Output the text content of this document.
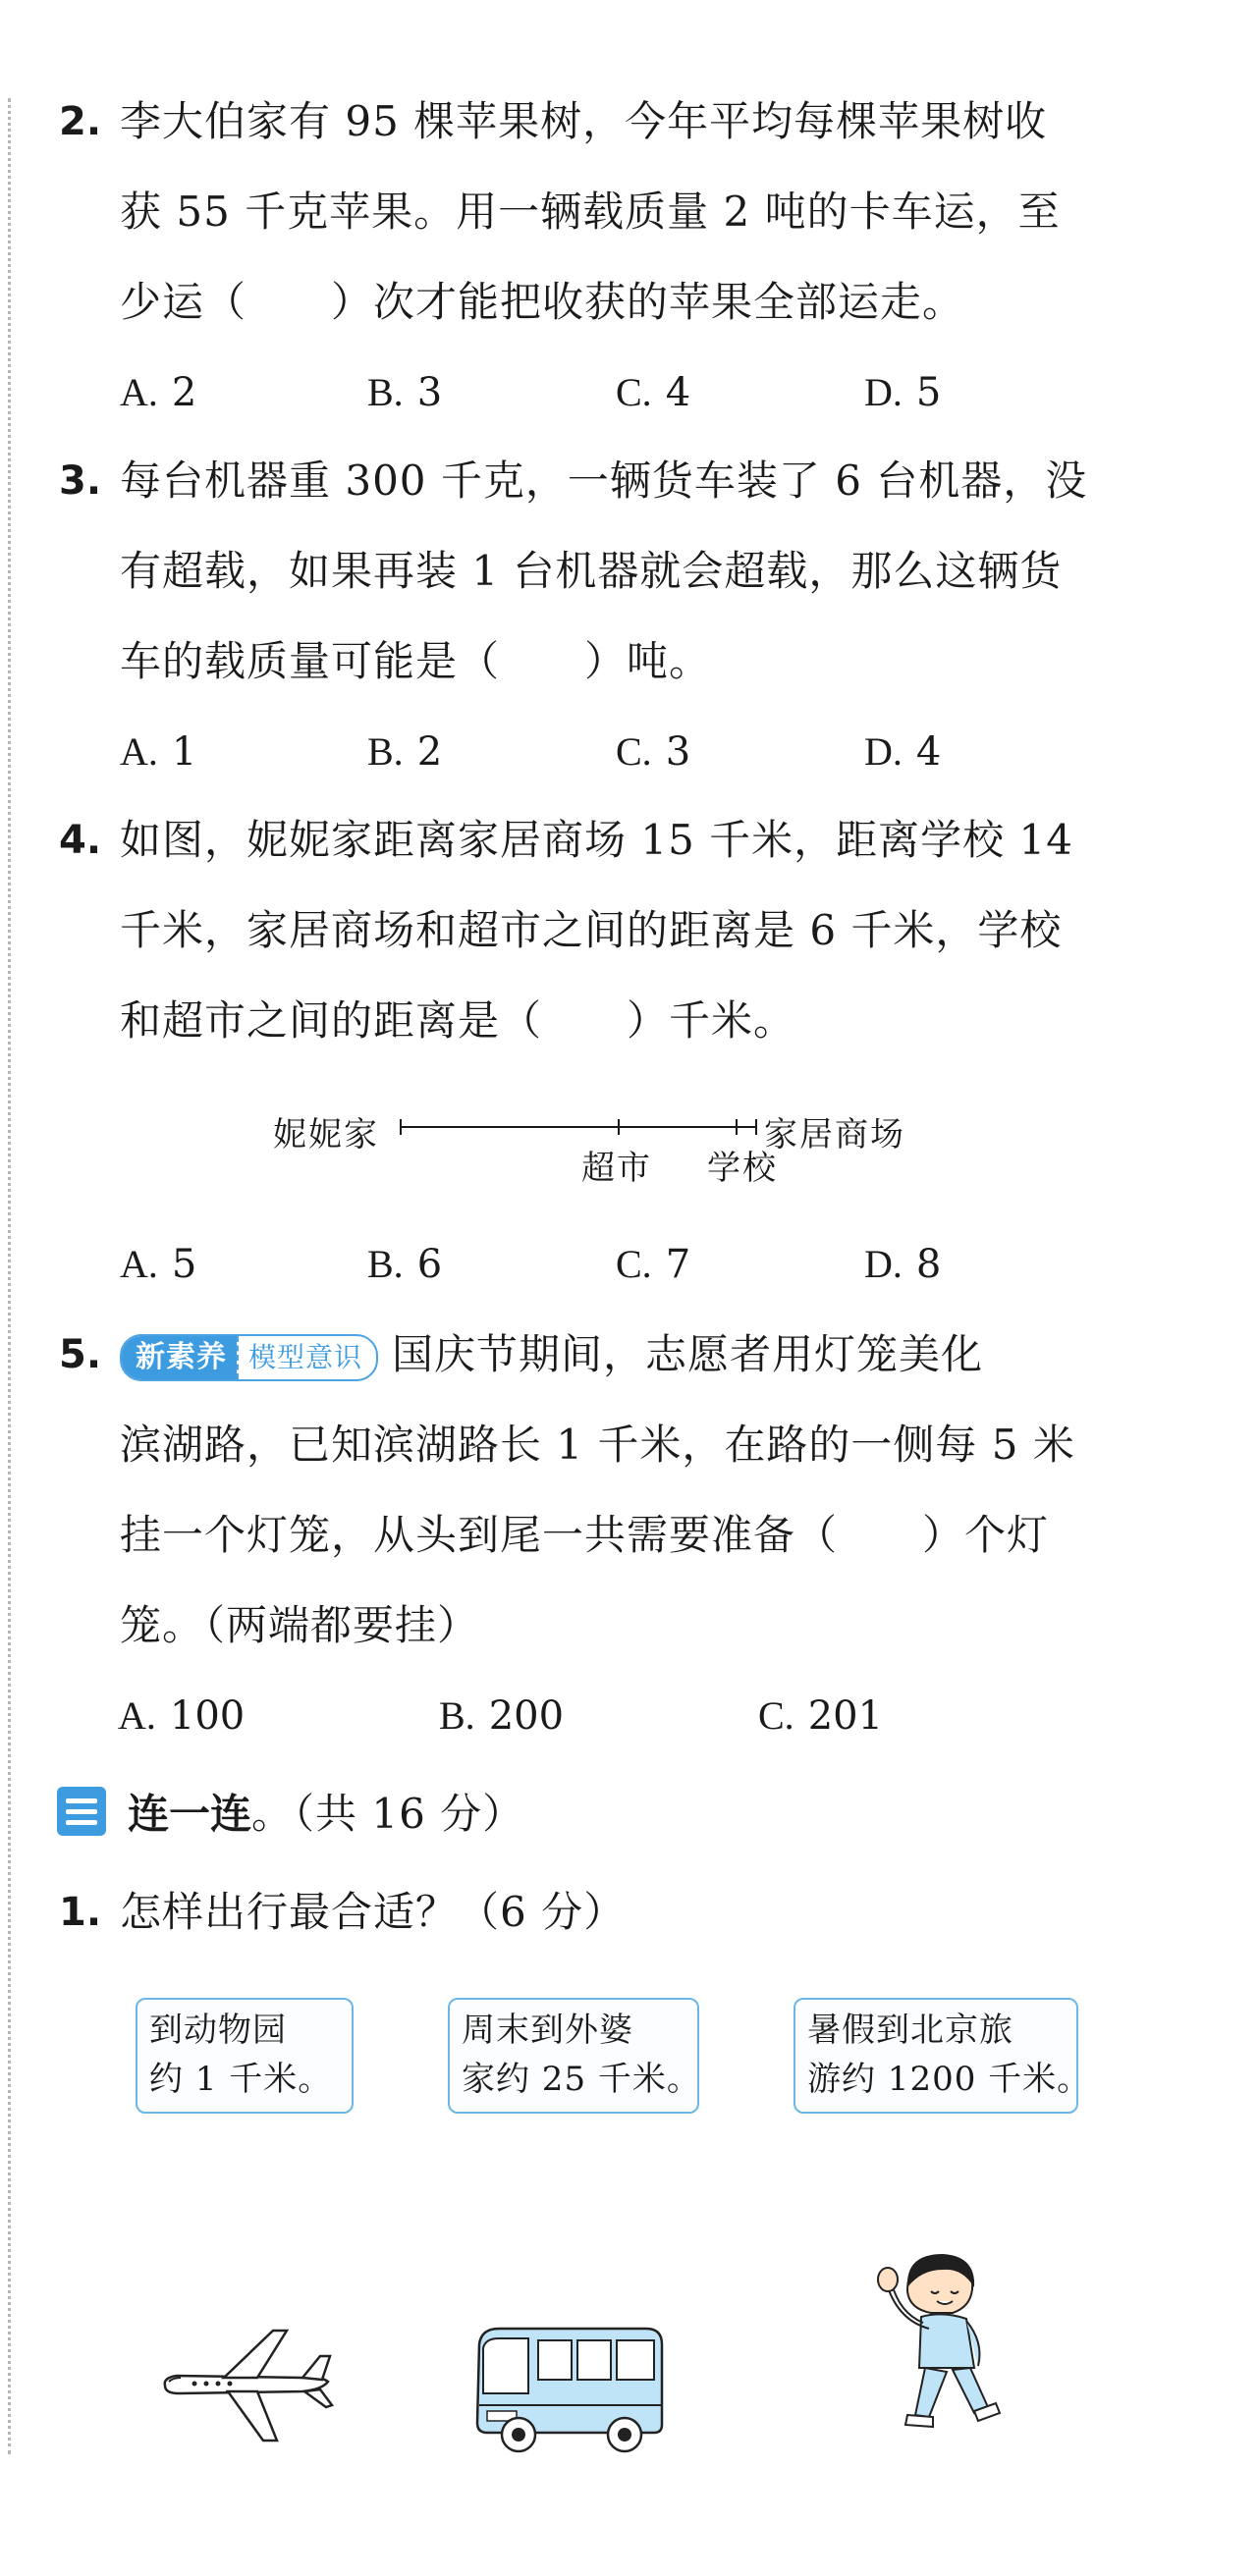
2. 李大伯家有 95 棵苹果树，今年平均每棵苹果树收
获 55 千克苹果。用一辆载质量 2 吨的卡车运，至
少运（　　）次才能把收获的苹果全部运走。
A. 2	B. 3	C. 4	D. 5
3. 每台机器重 300 千克，一辆货车装了 6 台机器，没
有超载，如果再装 1 台机器就会超载，那么这辆货
车的载质量可能是（　　）吨。
A. 1	B. 2	C. 3	D. 4
4. 如图，妮妮家距离家居商场 15 千米，距离学校 14
千米，家居商场和超市之间的距离是 6 千米，学校
和超市之间的距离是（　　）千米。
妮妮家	家居商场
超市 学校
A. 5	B. 6	C. 7	D. 8
5.	新素养 模型意识 国庆节期间，志愿者用灯笼美化
滨湖路，已知滨湖路长 1 千米，在路的一侧每 5 米
挂一个灯笼，从头到尾一共需要准备（　　）个灯
笼。（两端都要挂）
A. 100	B. 200	C. 201
连一连 。（共 16 分）
1. 怎样出行最合适？（6 分）
到动物园
约 1 千米。
周末到外婆
家约 25 千米。
暑假到北京旅
游约 1200 千米。
